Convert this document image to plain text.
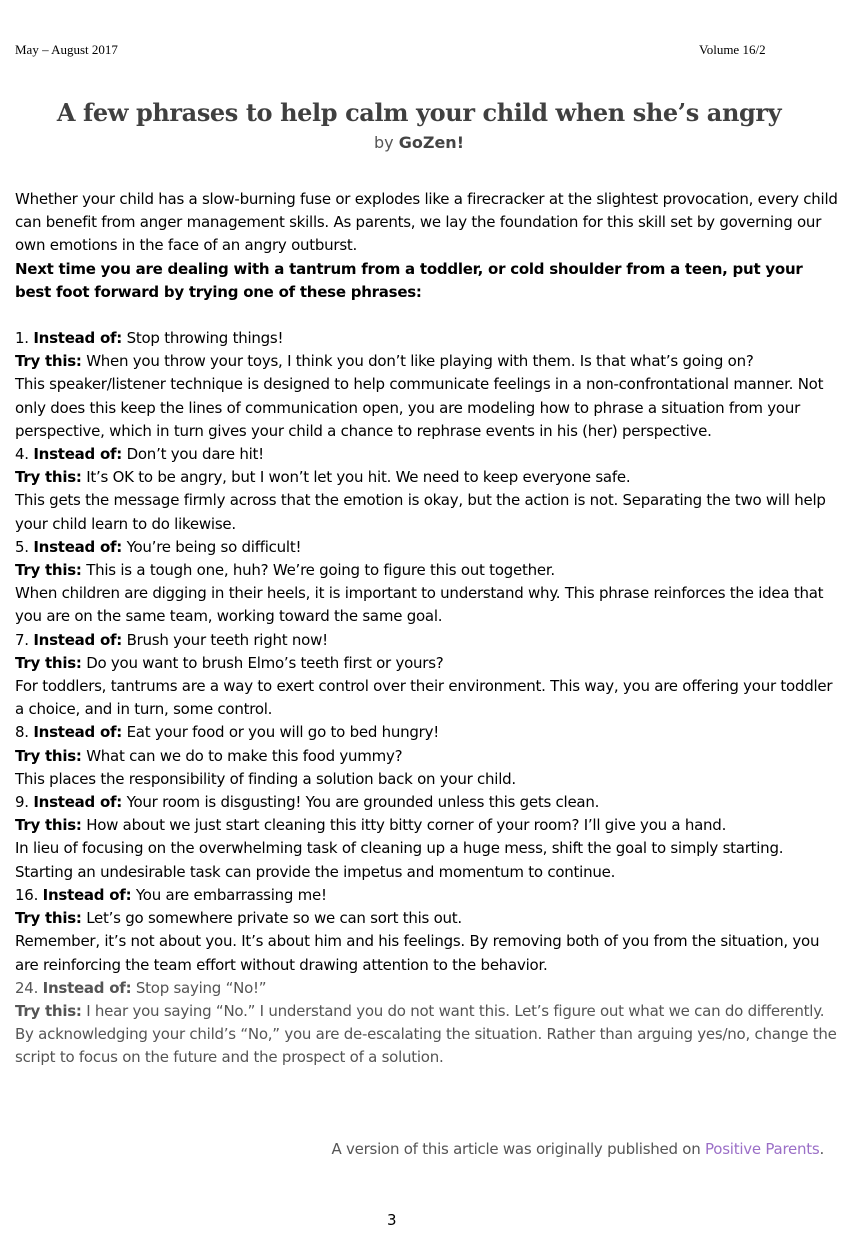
May – August 2017	Volume 16/2
A few phrases to help calm your child when she’s angry
by GoZen!

Whether your child has a slow-burning fuse or explodes like a firecracker at the slightest provocation, every child can benefit from anger management skills. As parents, we lay the foundation for this skill set by governing our own emotions in the face of an angry outburst.

Next time you are dealing with a tantrum from a toddler, or cold shoulder from a teen, put your best foot forward by trying one of these phrases:

1. Instead of: Stop throwing things!

Try this: When you throw your toys, I think you don’t like playing with them. Is that what’s going on?

This speaker/listener technique is designed to help communicate feelings in a non-confrontational manner. Not only does this keep the lines of communication open, you are modeling how to phrase a situation from your perspective, which in turn gives your child a chance to rephrase events in his (her) perspective.

4. Instead of: Don’t you dare hit!

Try this: It’s OK to be angry, but I won’t let you hit. We need to keep everyone safe.

This gets the message firmly across that the emotion is okay, but the action is not. Separating the two will help your child learn to do likewise.

5. Instead of: You’re being so difficult!

Try this: This is a tough one, huh? We’re going to figure this out together.

When children are digging in their heels, it is important to understand why. This phrase reinforces the idea that you are on the same team, working toward the same goal.

7. Instead of: Brush your teeth right now!

Try this: Do you want to brush Elmo’s teeth first or yours?

For toddlers, tantrums are a way to exert control over their environment. This way, you are offering your toddler a choice, and in turn, some control.

8. Instead of: Eat your food or you will go to bed hungry!

Try this: What can we do to make this food yummy?

This places the responsibility of finding a solution back on your child.

9. Instead of: Your room is disgusting! You are grounded unless this gets clean.

Try this: How about we just start cleaning this itty bitty corner of your room? I’ll give you a hand.

In lieu of focusing on the overwhelming task of cleaning up a huge mess, shift the goal to simply starting. Starting an undesirable task can provide the impetus and momentum to continue.

16. Instead of: You are embarrassing me!

Try this: Let’s go somewhere private so we can sort this out.

Remember, it’s not about you. It’s about him and his feelings. By removing both of you from the situation, you are reinforcing the team effort without drawing attention to the behavior.

24. Instead of: Stop saying “No!”

Try this: I hear you saying “No.” I understand you do not want this. Let’s figure out what we can do differently.

By acknowledging your child’s “No,” you are de-escalating the situation. Rather than arguing yes/no, change the script to focus on the future and the prospect of a solution.

A version of this article was originally published on Positive Parents.
3
